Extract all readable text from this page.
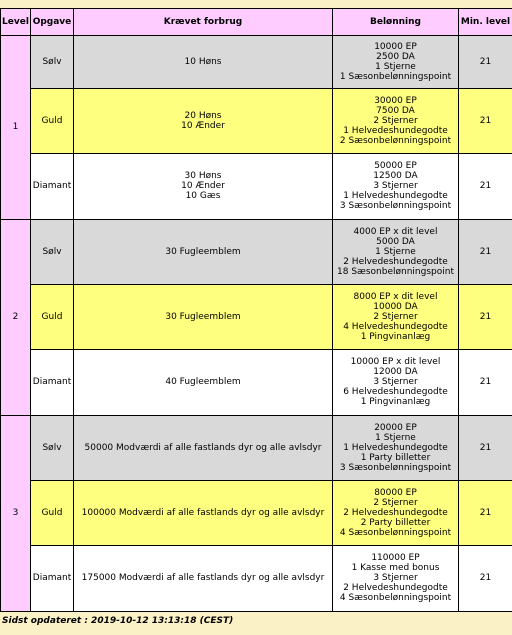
Level	Opgave	Krævet forbrug	Belønning	Min. level
1	Sølv	10 Høns	10000 EP
2500 DA
1 Stjerne
1 Sæsonbelønningspoint	21
	Guld	20 Høns
10 Ænder	30000 EP
7500 DA
2 Stjerner
1 Helvedeshundegodte
2 Sæsonbelønningspoint	21
	Diamant	30 Høns
10 Ænder
10 Gæs	50000 EP
12500 DA
3 Stjerner
1 Helvedeshundegodte
3 Sæsonbelønningspoint	21
2	Sølv	30 Fugleemblem	4000 EP x dit level
5000 DA
1 Stjerne
2 Helvedeshundegodte
18 Sæsonbelønningspoint	21
	Guld	30 Fugleemblem	8000 EP x dit level
10000 DA
2 Stjerner
4 Helvedeshundegodte
1 Pingvinanlæg	21
	Diamant	40 Fugleemblem	10000 EP x dit level
12000 DA
3 Stjerner
6 Helvedeshundegodte
1 Pingvinanlæg	21
3	Sølv	50000 Modværdi af alle fastlands dyr og alle avlsdyr	20000 EP
1 Stjerne
1 Helvedeshundegodte
1 Party billetter
3 Sæsonbelønningspoint	21
	Guld	100000 Modværdi af alle fastlands dyr og alle avlsdyr	80000 EP
2 Stjerner
2 Helvedeshundegodte
2 Party billetter
4 Sæsonbelønningspoint	21
	Diamant	175000 Modværdi af alle fastlands dyr og alle avlsdyr	110000 EP
1 Kasse med bonus
3 Stjerner
2 Helvedeshundegodte
4 Sæsonbelønningspoint	21
Sidst opdateret : 2019-10-12 13:13:18 (CEST)
